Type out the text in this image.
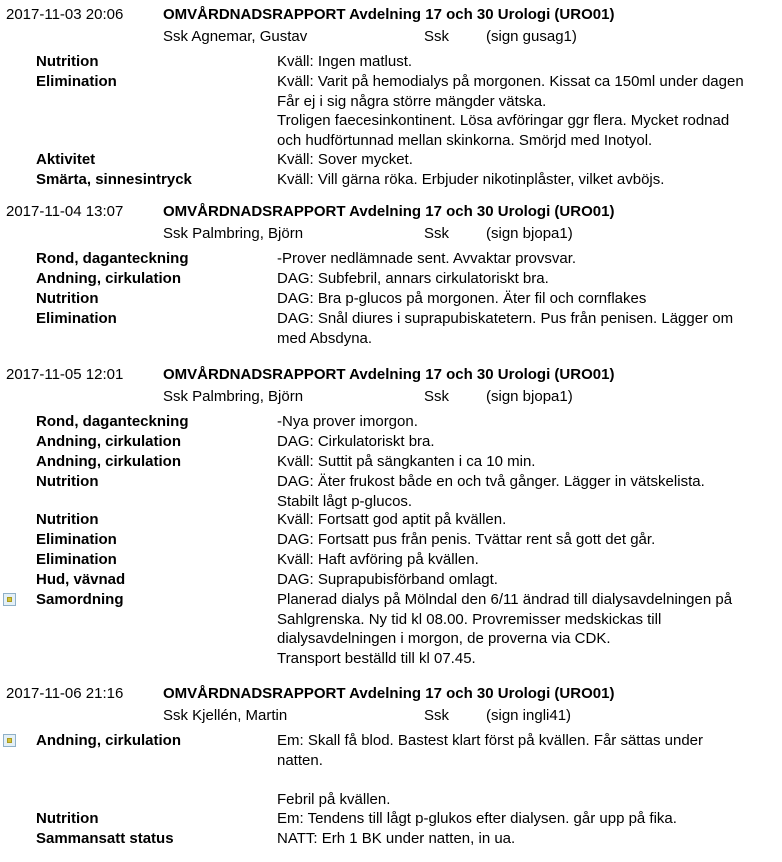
2017-11-03 20:06	OMVÅRDNADSRAPPORT Avdelning 17 och 30 Urologi (URO01)
Ssk Agnemar, Gustav	Ssk (sign gusag1)
Nutrition	Kväll: Ingen matlust.
Elimination	Kväll: Varit på hemodialys på morgonen. Kissat ca 150ml under dagen
Får ej i sig några större mängder vätska.
Troligen faecesinkontinent. Lösa avföringar ggr flera. Mycket rodnad
och hudförtunnad mellan skinkorna. Smörjd med Inotyol.
Aktivitet	Kväll: Sover mycket.
Smärta, sinnesintryck	Kväll: Vill gärna röka. Erbjuder nikotinplåster, vilket avböjs.
2017-11-04 13:07	OMVÅRDNADSRAPPORT Avdelning 17 och 30 Urologi (URO01)
Ssk Palmbring, Björn	Ssk (sign bjopa1)
Rond, daganteckning	-Prover nedlämnade sent. Avvaktar provsvar.
Andning, cirkulation	DAG: Subfebril, annars cirkulatoriskt bra.
Nutrition	DAG: Bra p-glucos på morgonen. Äter fil och cornflakes
Elimination	DAG: Snål diures i suprapubiskatetern. Pus från penisen. Lägger om
med Absdyna.
2017-11-05 12:01	OMVÅRDNADSRAPPORT Avdelning 17 och 30 Urologi (URO01)
Ssk Palmbring, Björn	Ssk (sign bjopa1)
Rond, daganteckning	-Nya prover imorgon.
Andning, cirkulation	DAG: Cirkulatoriskt bra.
Andning, cirkulation	Kväll: Suttit på sängkanten i ca 10 min.
Nutrition	DAG: Äter frukost både en och två gånger. Lägger in vätskelista.
Stabilt lågt p-glucos.
Nutrition	Kväll: Fortsatt god aptit på kvällen.
Elimination	DAG: Fortsatt pus från penis. Tvättar rent så gott det går.
Elimination	Kväll: Haft avföring på kvällen.
Hud, vävnad	DAG: Suprapubisförband omlagt.
Samordning	Planerad dialys på Mölndal den 6/11 ändrad till dialysavdelningen på
Sahlgrenska. Ny tid kl 08.00. Provremisser medskickas till
dialysavdelningen i morgon, de proverna via CDK.
Transport beställd till kl 07.45.
2017-11-06 21:16	OMVÅRDNADSRAPPORT Avdelning 17 och 30 Urologi (URO01)
Ssk Kjellén, Martin	Ssk (sign ingli41)
Andning, cirkulation	Em: Skall få blod. Bastest klart först på kvällen. Får sättas under
natten.
Febril på kvällen.
Nutrition	Em: Tendens till lågt p-glukos efter dialysen. går upp på fika.
Sammansatt status	NATT: Erh 1 BK under natten, in ua.
